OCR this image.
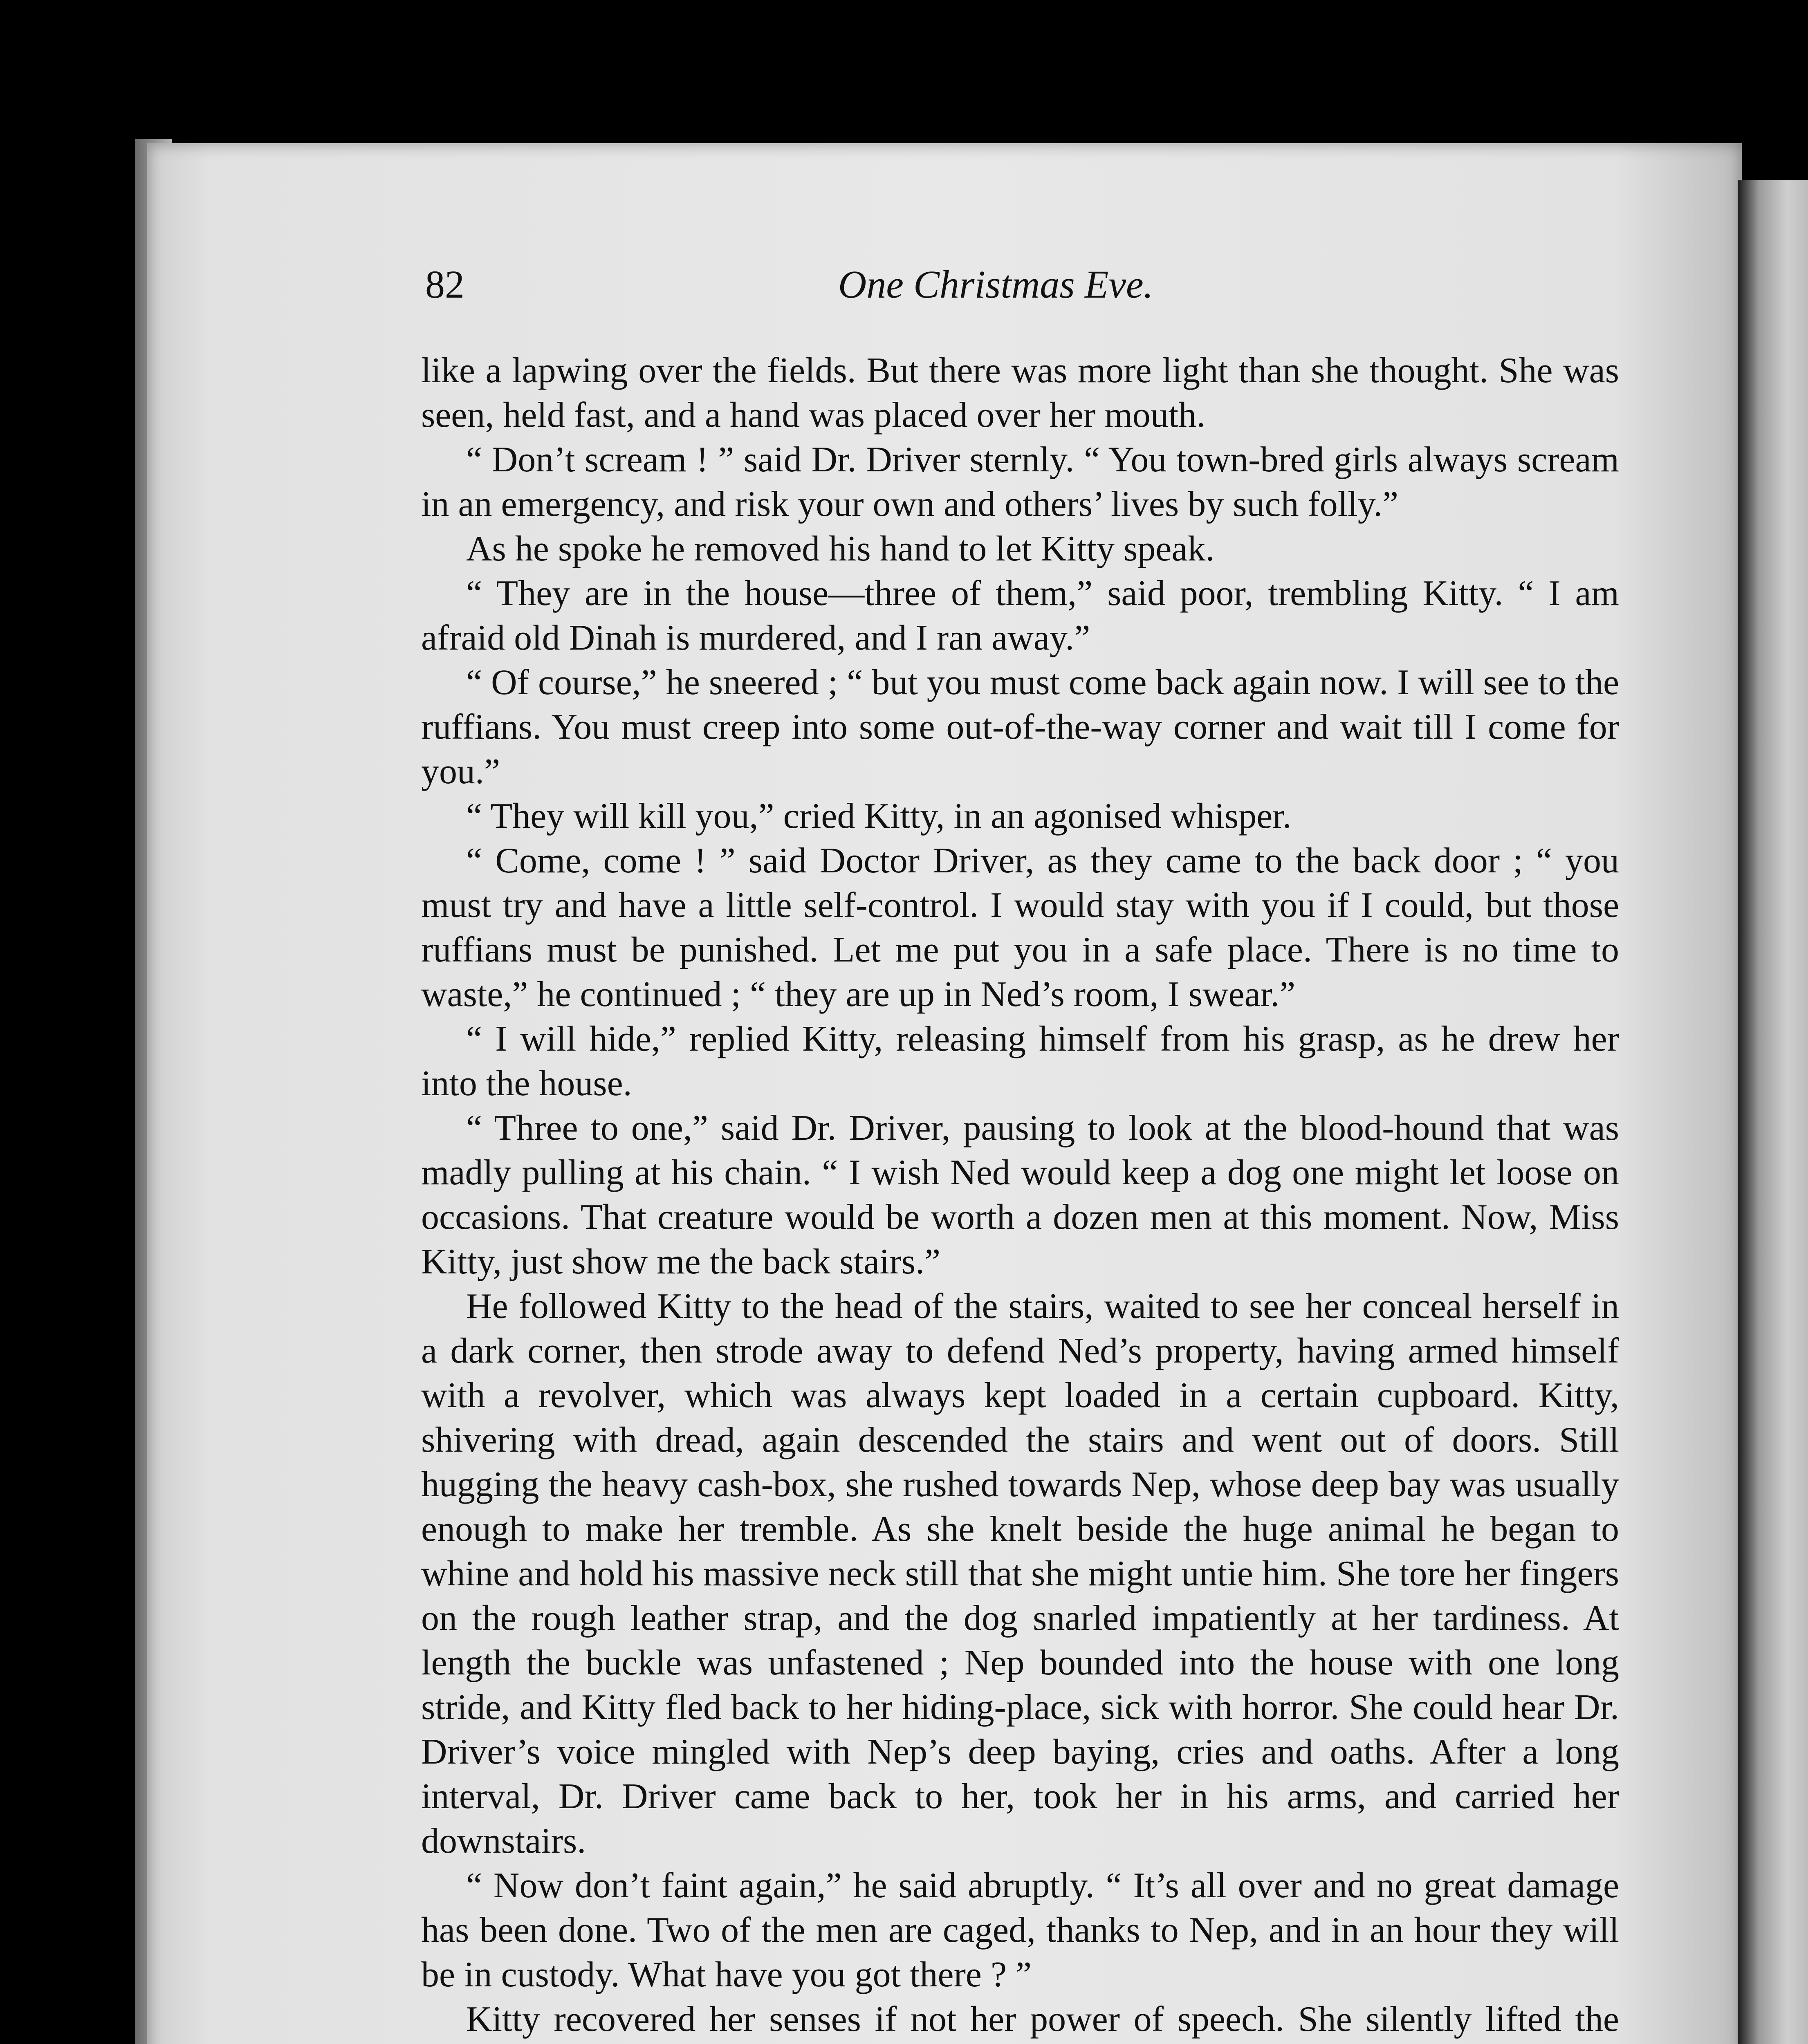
82	One Christmas Eve.

like a lapwing over the fields. But there was more light than she thought. She was seen, held fast, and a hand was placed over her mouth.

“ Don’t scream ! ” said Dr. Driver sternly. “ You town-bred girls always scream in an emergency, and risk your own and others’ lives by such folly.”

As he spoke he removed his hand to let Kitty speak.

“ They are in the house—three of them,” said poor, trembling Kitty. “ I am afraid old Dinah is murdered, and I ran away.”

“ Of course,” he sneered ; “ but you must come back again now. I will see to the ruffians. You must creep into some out-of-the-way corner and wait till I come for you.”

“ They will kill you,” cried Kitty, in an agonised whisper.

“ Come, come ! ” said Doctor Driver, as they came to the back door ; “ you must try and have a little self-control. I would stay with you if I could, but those ruffians must be punished. Let me put you in a safe place. There is no time to waste,” he continued ; “ they are up in Ned’s room, I swear.”

“ I will hide,” replied Kitty, releasing himself from his grasp, as he drew her into the house.

“ Three to one,” said Dr. Driver, pausing to look at the blood-hound that was madly pulling at his chain. “ I wish Ned would keep a dog one might let loose on occasions. That creature would be worth a dozen men at this moment. Now, Miss Kitty, just show me the back stairs.”

He followed Kitty to the head of the stairs, waited to see her conceal herself in a dark corner, then strode away to defend Ned’s property, having armed himself with a revolver, which was always kept loaded in a certain cupboard. Kitty, shivering with dread, again descended the stairs and went out of doors. Still hugging the heavy cash-box, she rushed towards Nep, whose deep bay was usually enough to make her tremble. As she knelt beside the huge animal he began to whine and hold his massive neck still that she might untie him. She tore her fingers on the rough leather strap, and the dog snarled impatiently at her tardiness. At length the buckle was unfastened ; Nep bounded into the house with one long stride, and Kitty fled back to her hiding-place, sick with horror. She could hear Dr. Driver’s voice mingled with Nep’s deep baying, cries and oaths. After a long interval, Dr. Driver came back to her, took her in his arms, and carried her downstairs.

“ Now don’t faint again,” he said abruptly. “ It’s all over and no great damage has been done. Two of the men are caged, thanks to Nep, and in an hour they will be in custody. What have you got there ? ”

Kitty recovered her senses if not her power of speech. She silently lifted the
